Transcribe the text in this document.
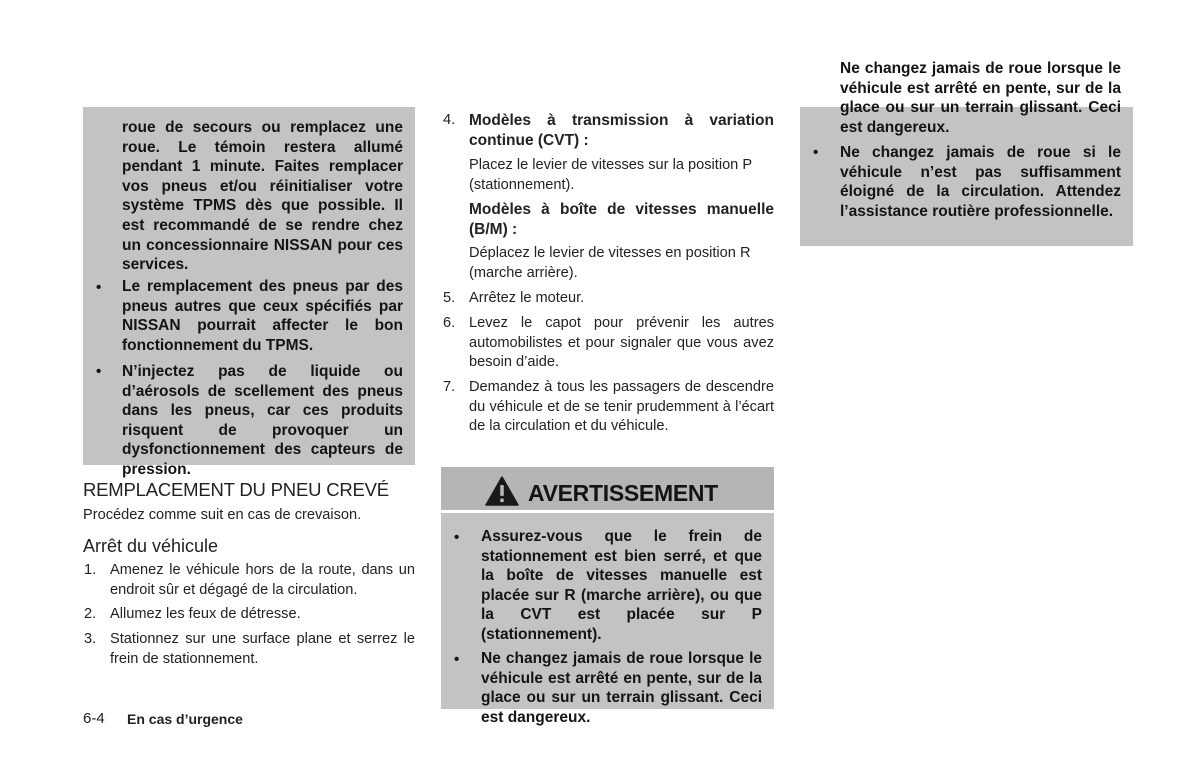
roue de secours ou remplacez une roue. Le témoin restera allumé pendant 1 minute. Faites remplacer vos pneus et/ou réinitialiser votre système TPMS dès que possible. Il est recommandé de se rendre chez un concessionnaire NISSAN pour ces services.
• Le remplacement des pneus par des pneus autres que ceux spécifiés par NISSAN pourrait affecter le bon fonctionnement du TPMS.
• N’injectez pas de liquide ou d’aérosols de scellement des pneus dans les pneus, car ces produits risquent de provoquer un dysfonctionnement des capteurs de pression.
REMPLACEMENT DU PNEU CREVÉ
Procédez comme suit en cas de crevaison.
Arrêt du véhicule
1. Amenez le véhicule hors de la route, dans un endroit sûr et dégagé de la circulation.
2. Allumez les feux de détresse.
3. Stationnez sur une surface plane et serrez le frein de stationnement.
6-4 En cas d’urgence
4. Modèles à transmission à variation continue (CVT) :
Placez le levier de vitesses sur la position P (stationnement).
Modèles à boîte de vitesses manuelle (B/M) :
Déplacez le levier de vitesses en position R (marche arrière).
5. Arrêtez le moteur.
6. Levez le capot pour prévenir les autres automobilistes et pour signaler que vous avez besoin d’aide.
7. Demandez à tous les passagers de descendre du véhicule et de se tenir prudemment à l’écart de la circulation et du véhicule.
AVERTISSEMENT
• Assurez-vous que le frein de stationnement est bien serré, et que la boîte de vitesses manuelle est placée sur R (marche arrière), ou que la CVT est placée sur P (stationnement).
• Ne changez jamais de roue lorsque le véhicule est arrêté en pente, sur de la glace ou sur un terrain glissant. Ceci est dangereux.
Ne changez jamais de roue lorsque le véhicule est arrêté en pente, sur de la glace ou sur un terrain glissant. Ceci est dangereux.
• Ne changez jamais de roue si le véhicule n’est pas suffisamment éloigné de la circulation. Attendez l’assistance routière professionnelle.
